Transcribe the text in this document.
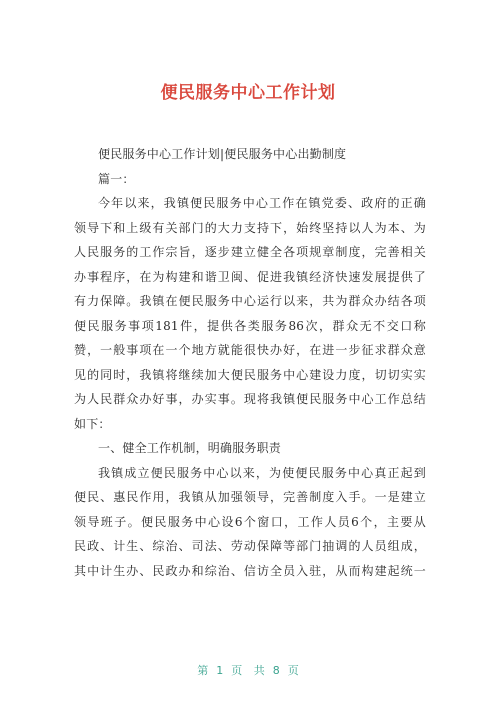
便民服务中心工作计划
便民服务中心工作计划|便民服务中心出勤制度
篇一：
今年以来，我镇便民服务中心工作在镇党委、政府的正确
领导下和上级有关部门的大力支持下，始终坚持以人为本、为
人民服务的工作宗旨，逐步建立健全各项规章制度，完善相关
办事程序，在为构建和谐卫闽、促进我镇经济快速发展提供了
有力保障。我镇在便民服务中心运行以来，共为群众办结各项
便民服务事项181件，提供各类服务86次，群众无不交口称
赞，一般事项在一个地方就能很快办好，在进一步征求群众意
见的同时，我镇将继续加大便民服务中心建设力度，切切实实
为人民群众办好事，办实事。现将我镇便民服务中心工作总结
如下：
一、健全工作机制，明确服务职责
我镇成立便民服务中心以来，为使便民服务中心真正起到
便民、惠民作用，我镇从加强领导，完善制度入手。一是建立
领导班子。便民服务中心设6个窗口，工作人员6个，主要从
民政、计生、综治、司法、劳动保障等部门抽调的人员组成，
其中计生办、民政办和综治、信访全员入驻，从而构建起统一
第 1 页 共 8 页
